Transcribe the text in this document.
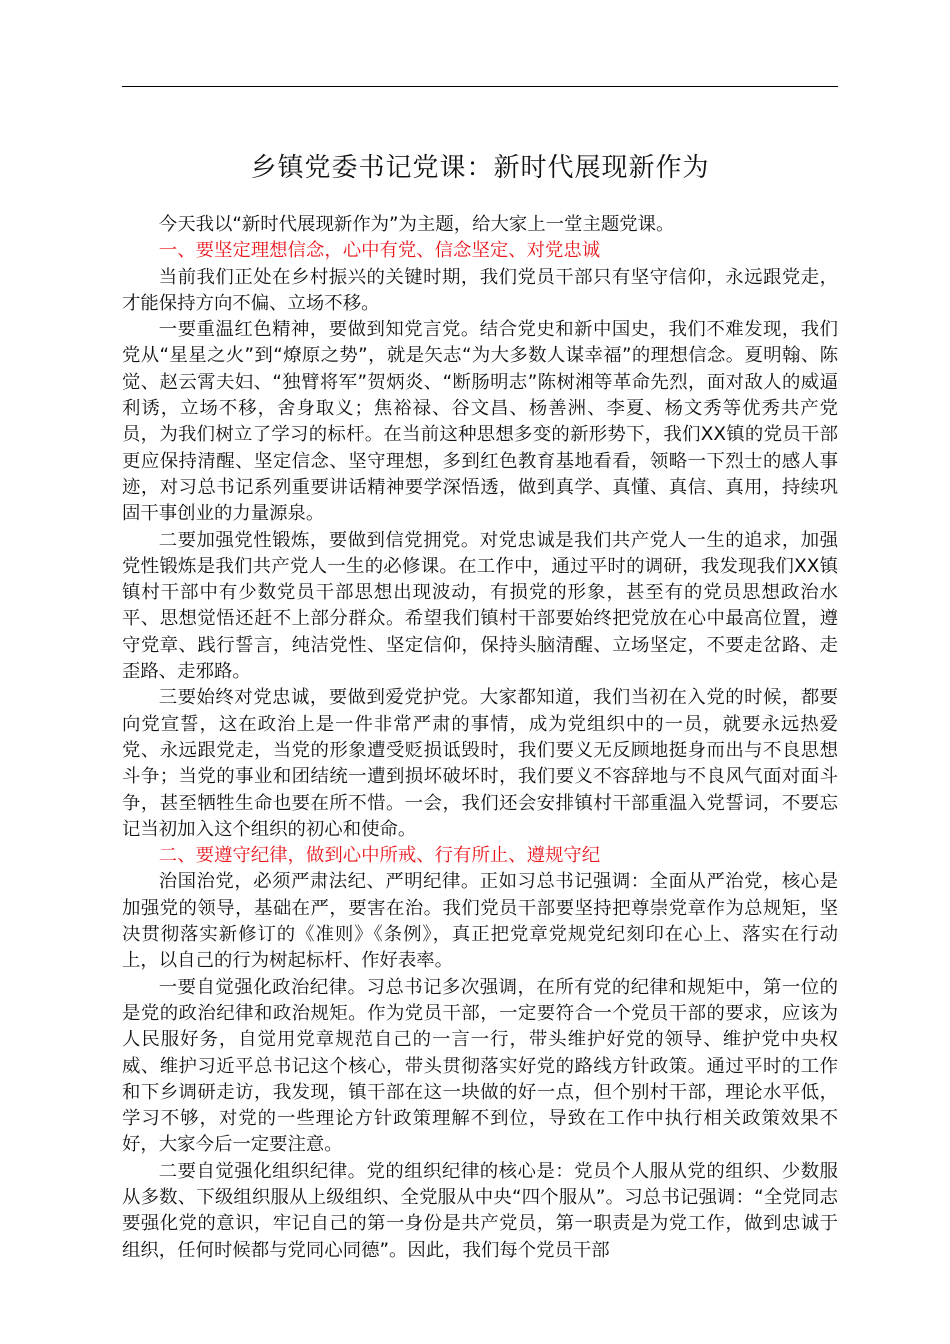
乡镇党委书记党课：新时代展现新作为

今天我以“新时代展现新作为”为主题，给大家上一堂主题党课。

一、要坚定理想信念，心中有党、信念坚定、对党忠诚

当前我们正处在乡村振兴的关键时期，我们党员干部只有坚守信仰，永远跟党走，才能保持方向不偏、立场不移。

一要重温红色精神，要做到知党言党。结合党史和新中国史，我们不难发现，我们党从“星星之火”到“燎原之势”，就是矢志“为大多数人谋幸福”的理想信念。夏明翰、陈觉、赵云霄夫妇、“独臂将军”贺炳炎、“断肠明志”陈树湘等革命先烈，面对敌人的威逼利诱，立场不移，舍身取义；焦裕禄、谷文昌、杨善洲、李夏、杨文秀等优秀共产党员，为我们树立了学习的标杆。在当前这种思想多变的新形势下，我们XX镇的党员干部更应保持清醒、坚定信念、坚守理想，多到红色教育基地看看，领略一下烈士的感人事迹，对习总书记系列重要讲话精神要学深悟透，做到真学、真懂、真信、真用，持续巩固干事创业的力量源泉。

二要加强党性锻炼，要做到信党拥党。对党忠诚是我们共产党人一生的追求，加强党性锻炼是我们共产党人一生的必修课。在工作中，通过平时的调研，我发现我们XX镇镇村干部中有少数党员干部思想出现波动，有损党的形象，甚至有的党员思想政治水平、思想觉悟还赶不上部分群众。希望我们镇村干部要始终把党放在心中最高位置，遵守党章、践行誓言，纯洁党性、坚定信仰，保持头脑清醒、立场坚定，不要走岔路、走歪路、走邪路。

三要始终对党忠诚，要做到爱党护党。大家都知道，我们当初在入党的时候，都要向党宣誓，这在政治上是一件非常严肃的事情，成为党组织中的一员，就要永远热爱党、永远跟党走，当党的形象遭受贬损诋毁时，我们要义无反顾地挺身而出与不良思想斗争；当党的事业和团结统一遭到损坏破坏时，我们要义不容辞地与不良风气面对面斗争，甚至牺牲生命也要在所不惜。一会，我们还会安排镇村干部重温入党誓词，不要忘记当初加入这个组织的初心和使命。

二、要遵守纪律，做到心中所戒、行有所止、遵规守纪

治国治党，必须严肃法纪、严明纪律。正如习总书记强调：全面从严治党，核心是加强党的领导，基础在严，要害在治。我们党员干部要坚持把尊崇党章作为总规矩，坚决贯彻落实新修订的《准则》《条例》，真正把党章党规党纪刻印在心上、落实在行动上，以自己的行为树起标杆、作好表率。

一要自觉强化政治纪律。习总书记多次强调，在所有党的纪律和规矩中，第一位的是党的政治纪律和政治规矩。作为党员干部，一定要符合一个党员干部的要求，应该为人民服好务，自觉用党章规范自己的一言一行，带头维护好党的领导、维护党中央权威、维护习近平总书记这个核心，带头贯彻落实好党的路线方针政策。通过平时的工作和下乡调研走访，我发现，镇干部在这一块做的好一点，但个别村干部，理论水平低，学习不够，对党的一些理论方针政策理解不到位，导致在工作中执行相关政策效果不好，大家今后一定要注意。

二要自觉强化组织纪律。党的组织纪律的核心是：党员个人服从党的组织、少数服从多数、下级组织服从上级组织、全党服从中央“四个服从”。习总书记强调：“全党同志要强化党的意识，牢记自己的第一身份是共产党员，第一职责是为党工作，做到忠诚于组织，任何时候都与党同心同德”。因此，我们每个党员干部
